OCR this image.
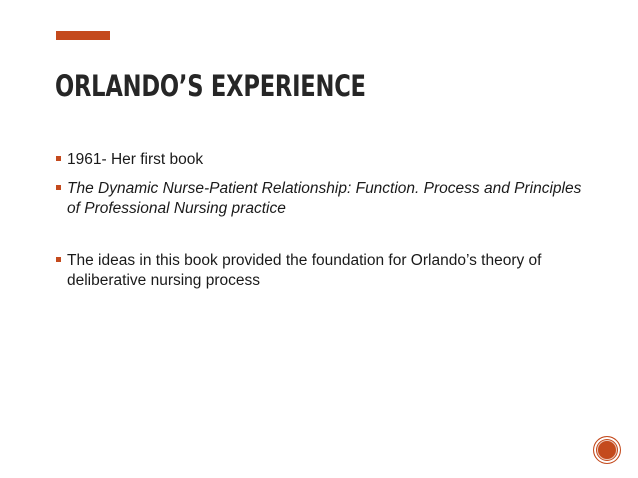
ORLANDO’S EXPERIENCE
1961- Her first book
The Dynamic Nurse-Patient Relationship: Function. Process and Principles of Professional Nursing practice
The ideas in this book provided the foundation for Orlando’s theory of deliberative nursing process
